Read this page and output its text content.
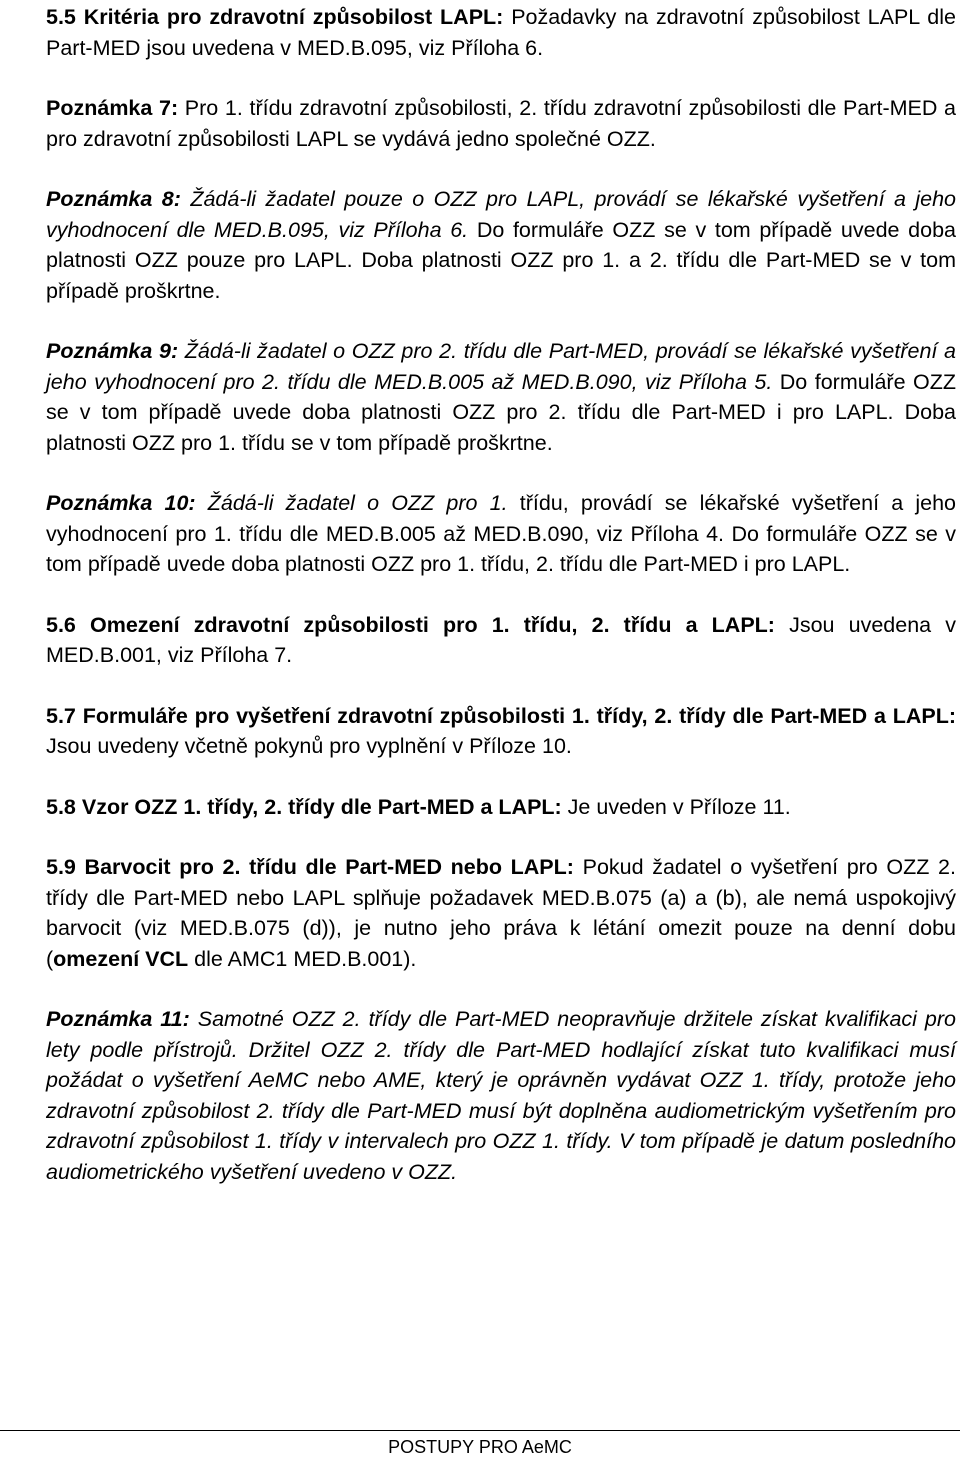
5.5 Kritéria pro zdravotní způsobilost LAPL: Požadavky na zdravotní způsobilost LAPL dle Part-MED jsou uvedena v MED.B.095, viz Příloha 6.

Poznámka 7: Pro 1. třídu zdravotní způsobilosti, 2. třídu zdravotní způsobilosti dle Part-MED a pro zdravotní způsobilosti LAPL se vydává jedno společné OZZ.

Poznámka 8: Žádá-li žadatel pouze o OZZ pro LAPL, provádí se lékařské vyšetření a jeho vyhodnocení dle MED.B.095, viz Příloha 6. Do formuláře OZZ se v tom případě uvede doba platnosti OZZ pouze pro LAPL. Doba platnosti OZZ pro 1. a 2. třídu dle Part-MED se v tom případě proškrtne.

Poznámka 9: Žádá-li žadatel o OZZ pro 2. třídu dle Part-MED, provádí se lékařské vyšetření a jeho vyhodnocení pro 2. třídu dle MED.B.005 až MED.B.090, viz Příloha 5. Do formuláře OZZ se v tom případě uvede doba platnosti OZZ pro 2. třídu dle Part-MED i pro LAPL. Doba platnosti OZZ pro 1. třídu se v tom případě proškrtne.

Poznámka 10: Žádá-li žadatel o OZZ pro 1. třídu, provádí se lékařské vyšetření a jeho vyhodnocení pro 1. třídu dle MED.B.005 až MED.B.090, viz Příloha 4. Do formuláře OZZ se v tom případě uvede doba platnosti OZZ pro 1. třídu, 2. třídu dle Part-MED i pro LAPL.

5.6 Omezení zdravotní způsobilosti pro 1. třídu, 2. třídu a LAPL: Jsou uvedena v MED.B.001, viz Příloha 7.

5.7 Formuláře pro vyšetření zdravotní způsobilosti 1. třídy, 2. třídy dle Part-MED a LAPL: Jsou uvedeny včetně pokynů pro vyplnění v Příloze 10.

5.8 Vzor OZZ 1. třídy, 2. třídy dle Part-MED a LAPL: Je uveden v Příloze 11.

5.9 Barvocit pro 2. třídu dle Part-MED nebo LAPL: Pokud žadatel o vyšetření pro OZZ 2. třídy dle Part-MED nebo LAPL splňuje požadavek MED.B.075 (a) a (b), ale nemá uspokojivý barvocit (viz MED.B.075 (d)), je nutno jeho práva k létání omezit pouze na denní dobu (omezení VCL dle AMC1 MED.B.001).

Poznámka 11: Samotné OZZ 2. třídy dle Part-MED neopravňuje držitele získat kvalifikaci pro lety podle přístrojů. Držitel OZZ 2. třídy dle Part-MED hodlající získat tuto kvalifikaci musí požádat o vyšetření AeMC nebo AME, který je oprávněn vydávat OZZ 1. třídy, protože jeho zdravotní způsobilost 2. třídy dle Part-MED musí být doplněna audiometrickým vyšetřením pro zdravotní způsobilost 1. třídy v intervalech pro OZZ 1. třídy. V tom případě je datum posledního audiometrického vyšetření uvedeno v OZZ.

POSTUPY PRO AeMC
